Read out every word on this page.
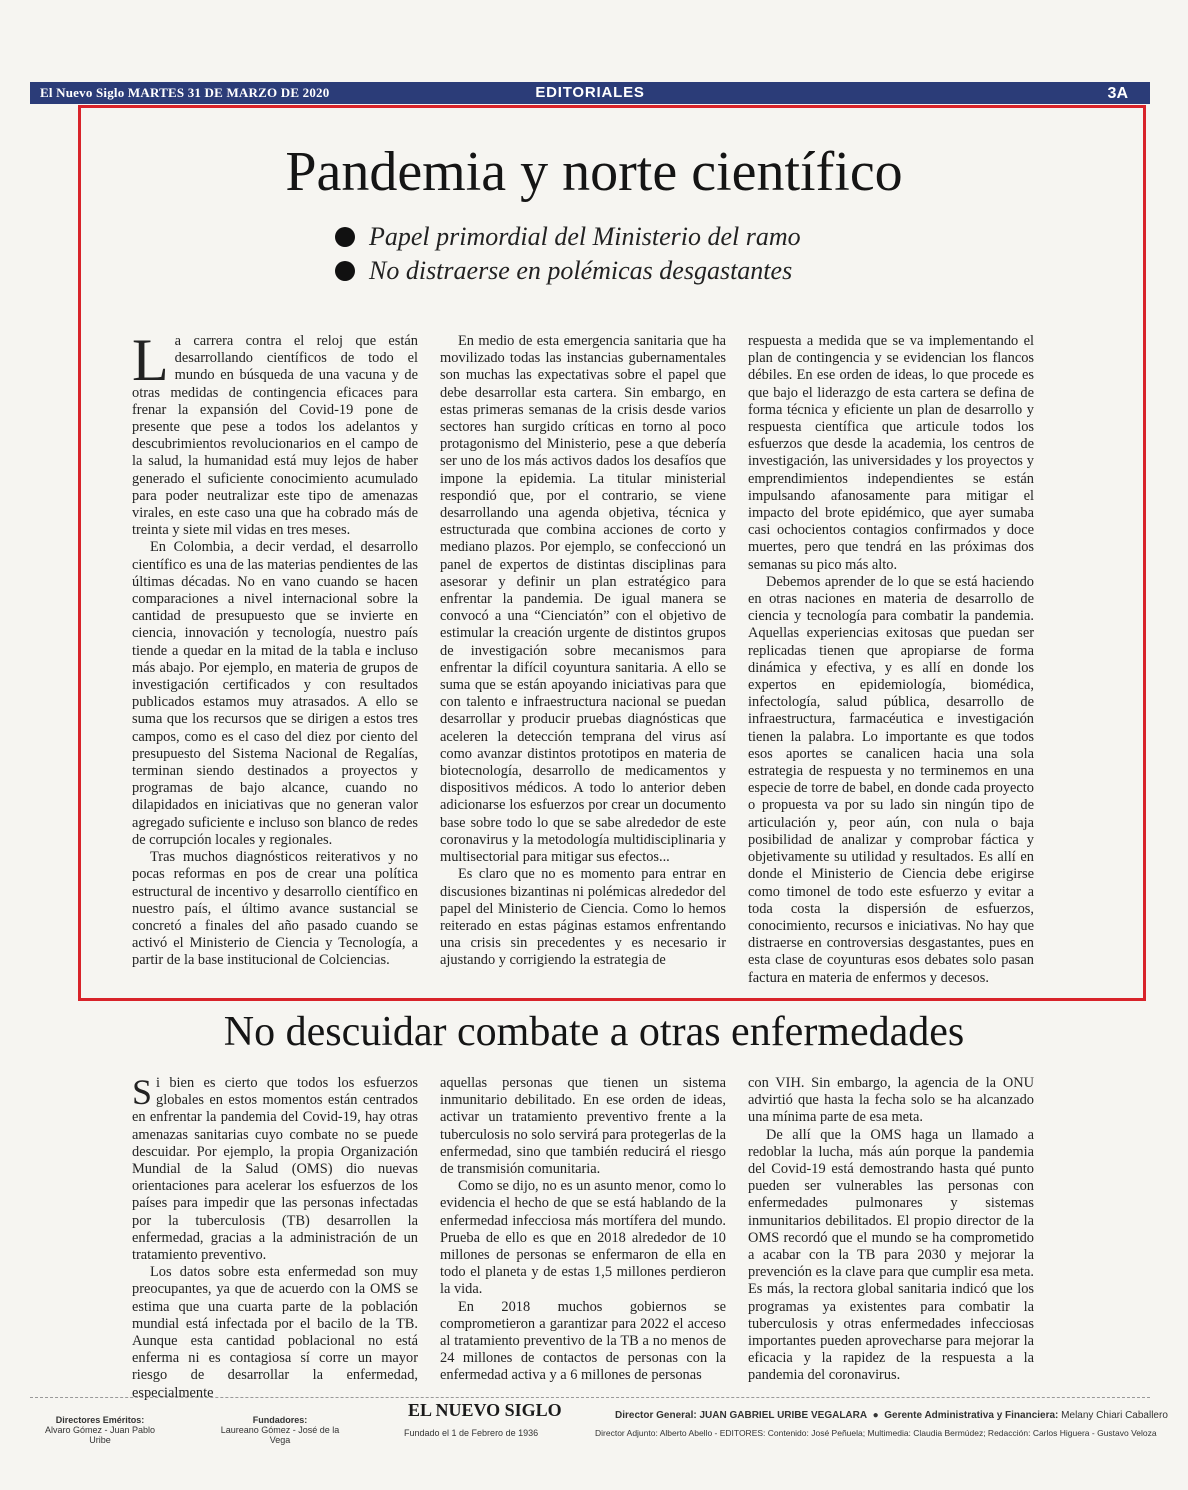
El Nuevo Siglo MARTES 31 DE MARZO DE 2020	EDITORIALES	3A
Pandemia y norte científico
Papel primordial del Ministerio del ramo
No distraerse en polémicas desgastantes

La carrera contra el reloj que están desarrollando científicos de todo el mundo en búsqueda de una vacuna y de otras medidas de contingencia eficaces para frenar la expansión del Covid-19 pone de presente que pese a todos los adelantos y descubrimientos revolucionarios en el campo de la salud, la humanidad está muy lejos de haber generado el suficiente conocimiento acumulado para poder neutralizar este tipo de amenazas virales, en este caso una que ha cobrado más de treinta y siete mil vidas en tres meses.

En Colombia, a decir verdad, el desarrollo científico es una de las materias pendientes de las últimas décadas. No en vano cuando se hacen comparaciones a nivel internacional sobre la cantidad de presupuesto que se invierte en ciencia, innovación y tecnología, nuestro país tiende a quedar en la mitad de la tabla e incluso más abajo. Por ejemplo, en materia de grupos de investigación certificados y con resultados publicados estamos muy atrasados. A ello se suma que los recursos que se dirigen a estos tres campos, como es el caso del diez por ciento del presupuesto del Sistema Nacional de Regalías, terminan siendo destinados a proyectos y programas de bajo alcance, cuando no dilapidados en iniciativas que no generan valor agregado suficiente e incluso son blanco de redes de corrupción locales y regionales.

Tras muchos diagnósticos reiterativos y no pocas reformas en pos de crear una política estructural de incentivo y desarrollo científico en nuestro país, el último avance sustancial se concretó a finales del año pasado cuando se activó el Ministerio de Ciencia y Tecnología, a partir de la base institucional de Colciencias.

En medio de esta emergencia sanitaria que ha movilizado todas las instancias gubernamentales son muchas las expectativas sobre el papel que debe desarrollar esta cartera. Sin embargo, en estas primeras semanas de la crisis desde varios sectores han surgido críticas en torno al poco protagonismo del Ministerio, pese a que debería ser uno de los más activos dados los desafíos que impone la epidemia. La titular ministerial respondió que, por el contrario, se viene desarrollando una agenda objetiva, técnica y estructurada que combina acciones de corto y mediano plazos. Por ejemplo, se confeccionó un panel de expertos de distintas disciplinas para asesorar y definir un plan estratégico para enfrentar la pandemia. De igual manera se convocó a una “Cienciatón” con el objetivo de estimular la creación urgente de distintos grupos de investigación sobre mecanismos para enfrentar la difícil coyuntura sanitaria. A ello se suma que se están apoyando iniciativas para que con talento e infraestructura nacional se puedan desarrollar y producir pruebas diagnósticas que aceleren la detección temprana del virus así como avanzar distintos prototipos en materia de biotecnología, desarrollo de medicamentos y dispositivos médicos. A todo lo anterior deben adicionarse los esfuerzos por crear un documento base sobre todo lo que se sabe alrededor de este coronavirus y la metodología multidisciplinaria y multisectorial para mitigar sus efectos...

Es claro que no es momento para entrar en discusiones bizantinas ni polémicas alrededor del papel del Ministerio de Ciencia. Como lo hemos reiterado en estas páginas estamos enfrentando una crisis sin precedentes y es necesario ir ajustando y corrigiendo la estrategia de

respuesta a medida que se va implementando el plan de contingencia y se evidencian los flancos débiles. En ese orden de ideas, lo que procede es que bajo el liderazgo de esta cartera se defina de forma técnica y eficiente un plan de desarrollo y respuesta científica que articule todos los esfuerzos que desde la academia, los centros de investigación, las universidades y los proyectos y emprendimientos independientes se están impulsando afanosamente para mitigar el impacto del brote epidémico, que ayer sumaba casi ochocientos contagios confirmados y doce muertes, pero que tendrá en las próximas dos semanas su pico más alto.

Debemos aprender de lo que se está haciendo en otras naciones en materia de desarrollo de ciencia y tecnología para combatir la pandemia. Aquellas experiencias exitosas que puedan ser replicadas tienen que apropiarse de forma dinámica y efectiva, y es allí en donde los expertos en epidemiología, biomédica, infectología, salud pública, desarrollo de infraestructura, farmacéutica e investigación tienen la palabra. Lo importante es que todos esos aportes se canalicen hacia una sola estrategia de respuesta y no terminemos en una especie de torre de babel, en donde cada proyecto o propuesta va por su lado sin ningún tipo de articulación y, peor aún, con nula o baja posibilidad de analizar y comprobar fáctica y objetivamente su utilidad y resultados. Es allí en donde el Ministerio de Ciencia debe erigirse como timonel de todo este esfuerzo y evitar a toda costa la dispersión de esfuerzos, conocimiento, recursos e iniciativas. No hay que distraerse en controversias desgastantes, pues en esta clase de coyunturas esos debates solo pasan factura en materia de enfermos y decesos.

No descuidar combate a otras enfermedades

Si bien es cierto que todos los esfuerzos globales en estos momentos están centrados en enfrentar la pandemia del Covid-19, hay otras amenazas sanitarias cuyo combate no se puede descuidar. Por ejemplo, la propia Organización Mundial de la Salud (OMS) dio nuevas orientaciones para acelerar los esfuerzos de los países para impedir que las personas infectadas por la tuberculosis (TB) desarrollen la enfermedad, gracias a la administración de un tratamiento preventivo.

Los datos sobre esta enfermedad son muy preocupantes, ya que de acuerdo con la OMS se estima que una cuarta parte de la población mundial está infectada por el bacilo de la TB. Aunque esta cantidad poblacional no está enferma ni es contagiosa sí corre un mayor riesgo de desarrollar la enfermedad, especialmente

aquellas personas que tienen un sistema inmunitario debilitado. En ese orden de ideas, activar un tratamiento preventivo frente a la tuberculosis no solo servirá para protegerlas de la enfermedad, sino que también reducirá el riesgo de transmisión comunitaria.

Como se dijo, no es un asunto menor, como lo evidencia el hecho de que se está hablando de la enfermedad infecciosa más mortífera del mundo. Prueba de ello es que en 2018 alrededor de 10 millones de personas se enfermaron de ella en todo el planeta y de estas 1,5 millones perdieron la vida.

En 2018 muchos gobiernos se comprometieron a garantizar para 2022 el acceso al tratamiento preventivo de la TB a no menos de 24 millones de contactos de personas con la enfermedad activa y a 6 millones de personas

con VIH. Sin embargo, la agencia de la ONU advirtió que hasta la fecha solo se ha alcanzado una mínima parte de esa meta.

De allí que la OMS haga un llamado a redoblar la lucha, más aún porque la pandemia del Covid-19 está demostrando hasta qué punto pueden ser vulnerables las personas con enfermedades pulmonares y sistemas inmunitarios debilitados. El propio director de la OMS recordó que el mundo se ha comprometido a acabar con la TB para 2030 y mejorar la prevención es la clave para que cumplir esa meta. Es más, la rectora global sanitaria indicó que los programas ya existentes para combatir la tuberculosis y otras enfermedades infecciosas importantes pueden aprovecharse para mejorar la eficacia y la rapidez de la respuesta a la pandemia del coronavirus.

Directores Eméritos:
Alvaro Gómez - Juan Pablo Uribe
Fundadores:
Laureano Gómez - José de la Vega
EL NUEVO SIGLO
Fundado el 1 de Febrero de 1936
Director General: JUAN GABRIEL URIBE VEGALARA  ●  Gerente Administrativa y Financiera: Melany Chiari Caballero
Director Adjunto: Alberto Abello - EDITORES: Contenido: José Peñuela; Multimedia: Claudia Bermúdez; Redacción: Carlos Higuera - Gustavo Veloza
